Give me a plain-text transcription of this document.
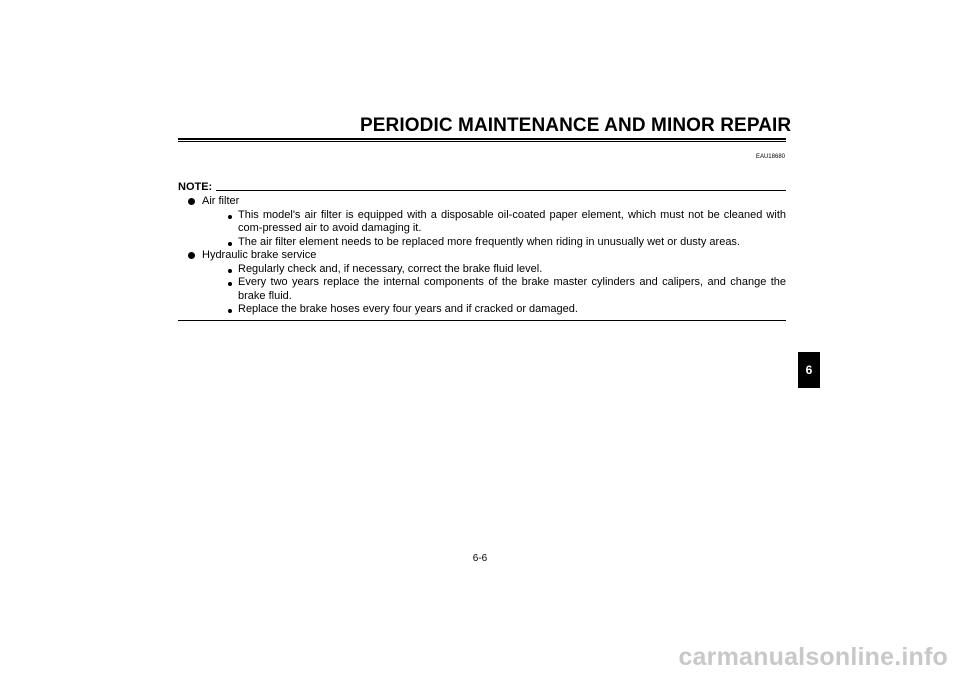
PERIODIC MAINTENANCE AND MINOR REPAIR
EAU18680
NOTE:
Air filter
This model's air filter is equipped with a disposable oil-coated paper element, which must not be cleaned with com-pressed air to avoid damaging it.
The air filter element needs to be replaced more frequently when riding in unusually wet or dusty areas.
Hydraulic brake service
Regularly check and, if necessary, correct the brake fluid level.
Every two years replace the internal components of the brake master cylinders and calipers, and change the brake fluid.
Replace the brake hoses every four years and if cracked or damaged.
6
6-6
carmanualsonline.info
